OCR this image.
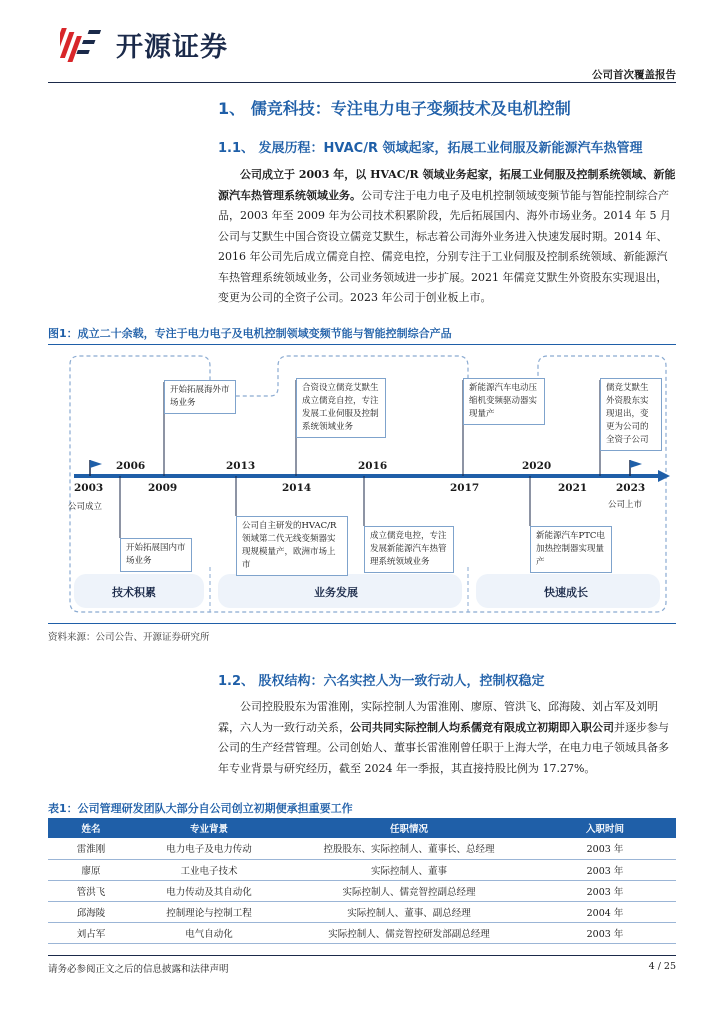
开源证券
公司首次覆盖报告
1、 儒竞科技：专注电力电子变频技术及电机控制
1.1、 发展历程：HVAC/R 领域起家，拓展工业伺服及新能源汽车热管理
公司成立于 2003 年，以 HVAC/R 领域业务起家，拓展工业伺服及控制系统领域、新能源汽车热管理系统领域业务。公司专注于电力电子及电机控制领域变频节能与智能控制综合产品，2003 年至 2009 年为公司技术积累阶段，先后拓展国内、海外市场业务。2014 年 5 月公司与艾默生中国合资设立儒竞艾默生，标志着公司海外业务进入快速发展时期。2014 年、2016 年公司先后成立儒竞自控、儒竞电控，分别专注于工业伺服及控制系统领域、新能源汽车热管理系统领域业务，公司业务领域进一步扩展。2021 年儒竞艾默生外资股东实现退出，变更为公司的全资子公司。2023 年公司于创业板上市。
图1：成立二十余载，专注于电力电子及电机控制领域变频节能与智能控制综合产品
2006
2003	2009
2013
2014
2016
2017
2020
2021	2023
公司成立	公司上市
开始拓展海外市场业务
合资设立儒竞艾默生成立儒竞自控，专注发展工业伺服及控制系统领域业务
新能源汽车电动压缩机变频驱动器实现量产
儒竞艾默生外资股东实现退出，变更为公司的全资子公司
开始拓展国内市场业务
公司自主研发的HVAC/R领域第二代无线变频器实现规模量产，欧洲市场上市
成立儒竞电控，专注发展新能源汽车热管理系统领域业务
新能源汽车PTC电加热控制器实现量产
技术积累	业务发展	快速成长
资料来源：公司公告、开源证券研究所
1.2、 股权结构：六名实控人为一致行动人，控制权稳定
公司控股股东为雷淮刚，实际控制人为雷淮刚、廖原、管洪飞、邱海陵、刘占军及刘明霖，六人为一致行动关系，公司共同实际控制人均系儒竞有限成立初期即入职公司并逐步参与公司的生产经营管理。公司创始人、董事长雷淮刚曾任职于上海大学，在电力电子领域具备多年专业背景与研究经历，截至 2024 年一季报，其直接持股比例为 17.27%。
表1：公司管理研发团队大部分自公司创立初期便承担重要工作
姓名	专业背景	任职情况	入职时间
雷淮刚	电力电子及电力传动	控股股东、实际控制人、董事长、总经理	2003 年
廖原	工业电子技术	实际控制人、董事	2003 年
管洪飞	电力传动及其自动化	实际控制人、儒竞智控副总经理	2003 年
邱海陵	控制理论与控制工程	实际控制人、董事、副总经理	2004 年
刘占军	电气自动化	实际控制人、儒竞智控研发部副总经理	2003 年
请务必参阅正文之后的信息披露和法律声明	4 / 25
